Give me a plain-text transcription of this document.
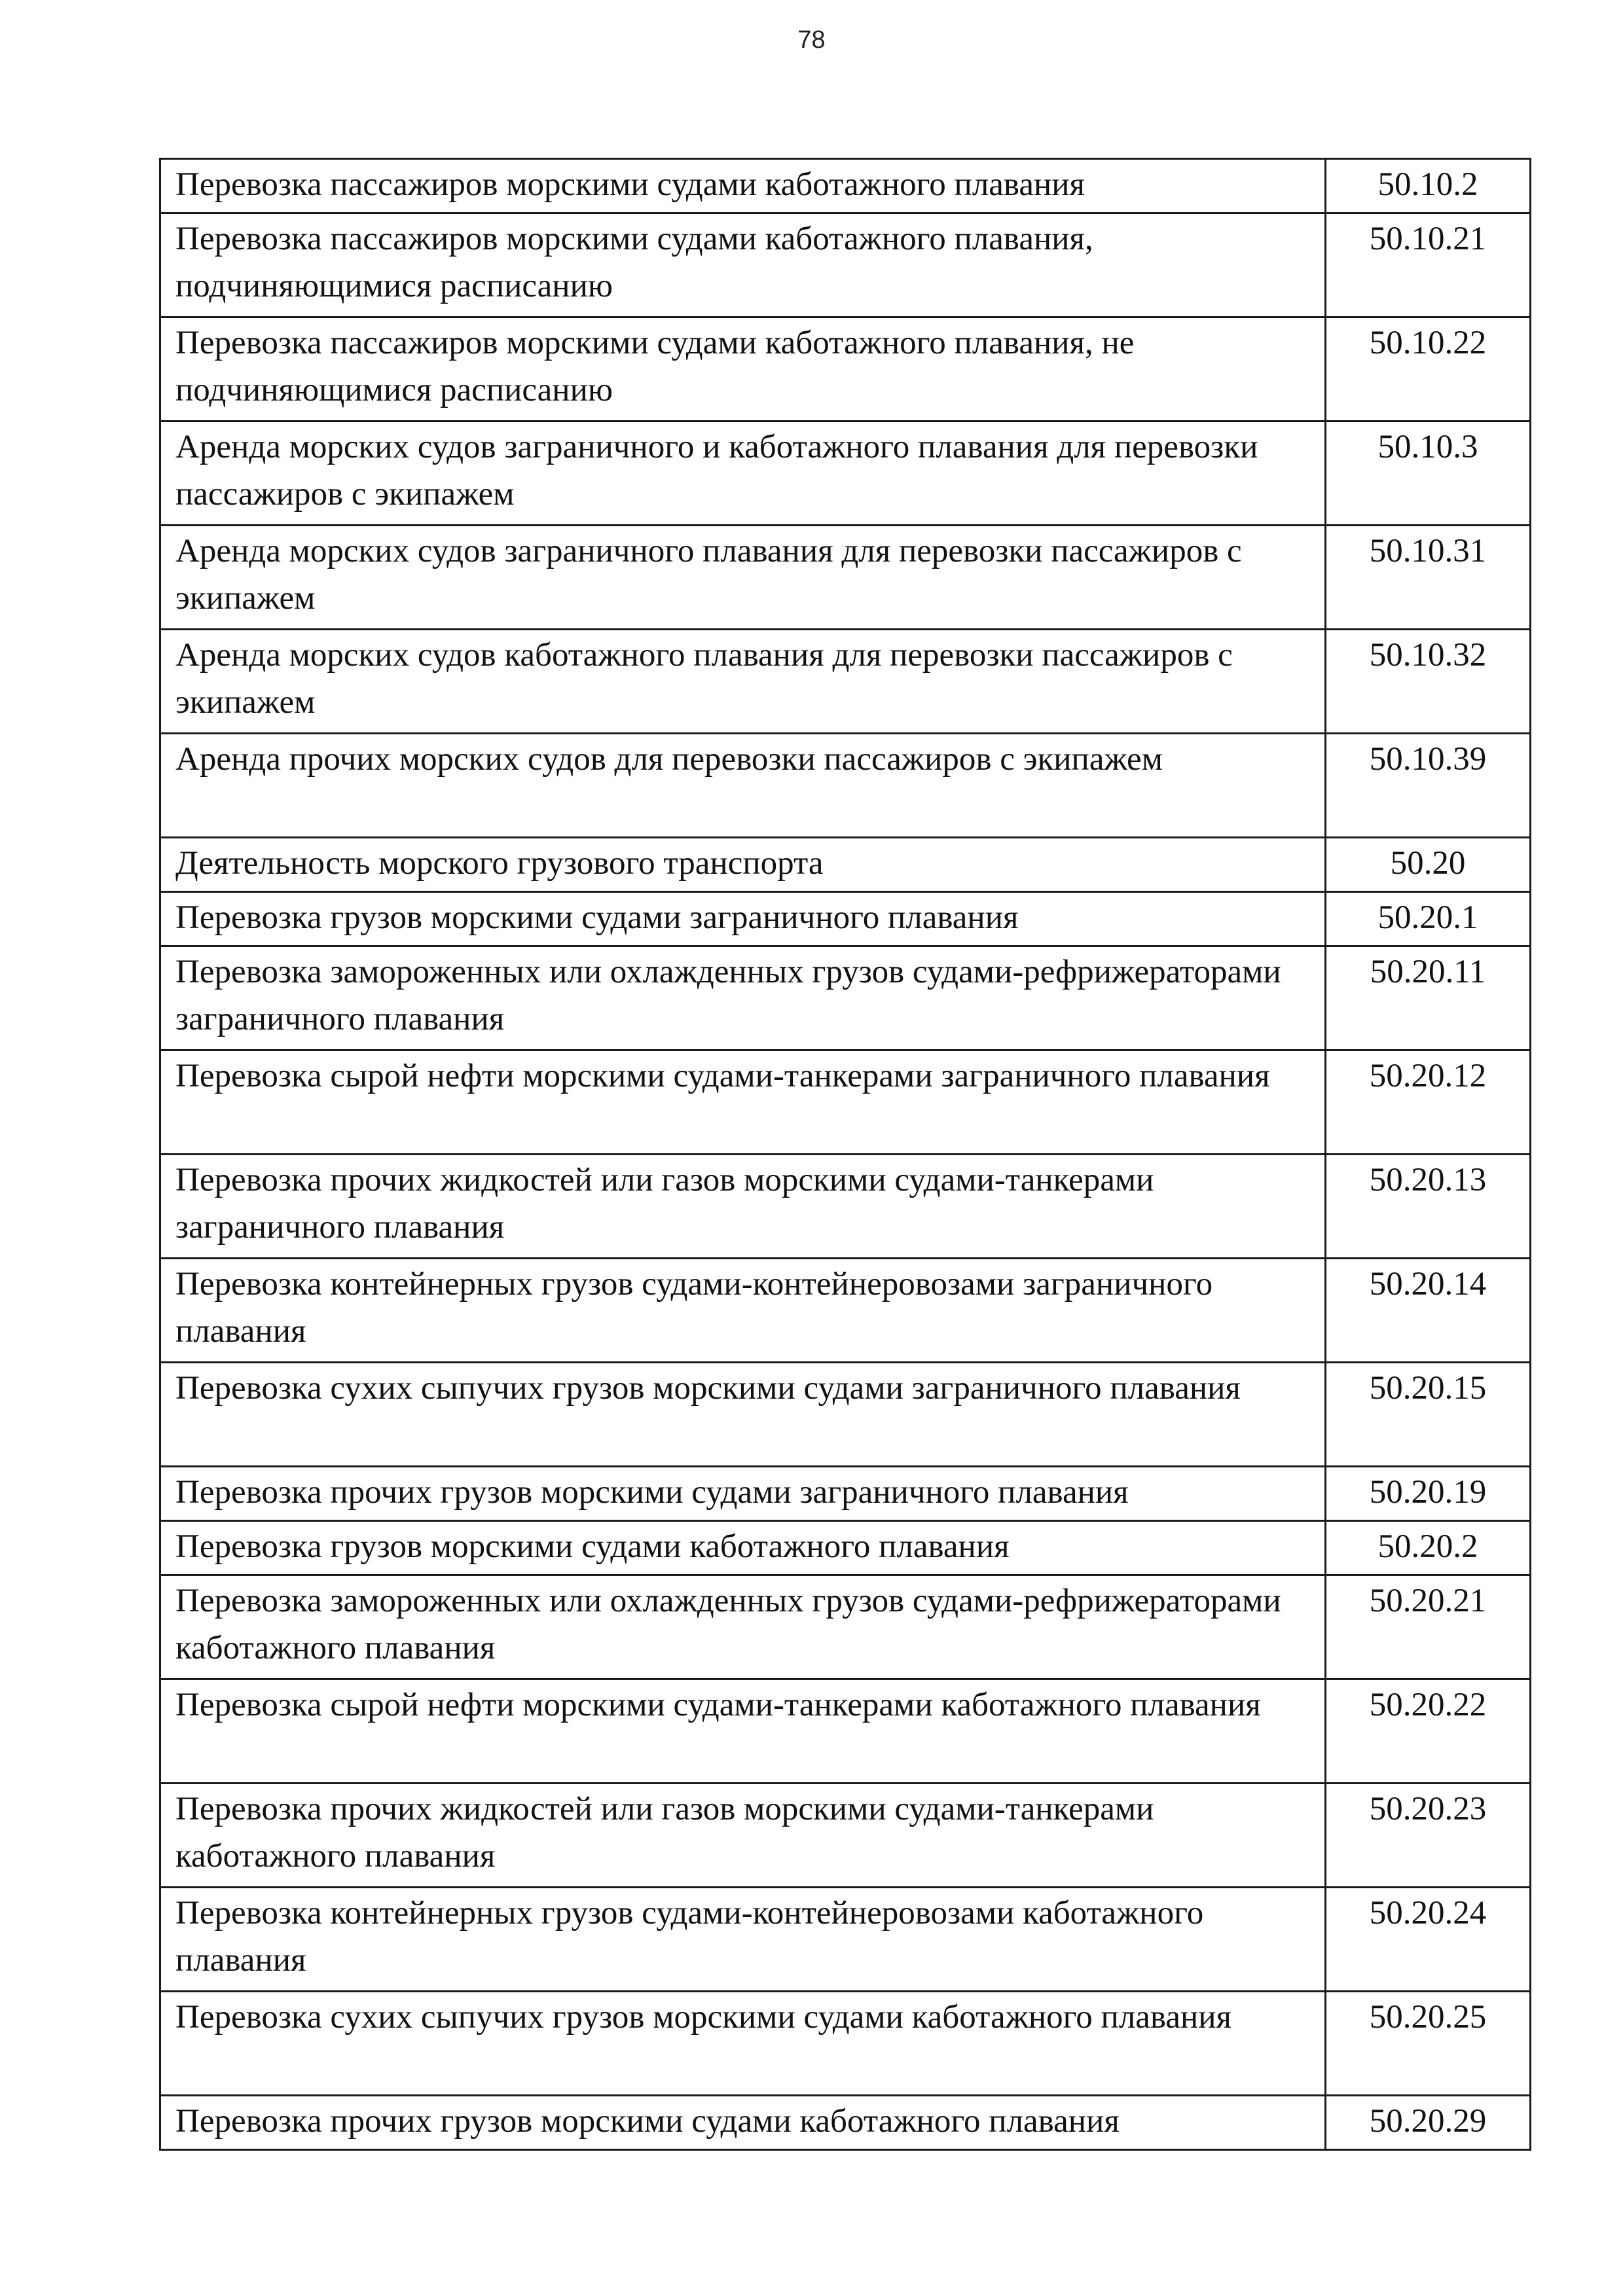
78
Перевозка пассажиров морскими судами каботажного плавания	50.10.2
Перевозка пассажиров морскими судами каботажного плавания, подчиняющимися расписанию	50.10.21
Перевозка пассажиров морскими судами каботажного плавания, не подчиняющимися расписанию	50.10.22
Аренда морских судов заграничного и каботажного плавания для перевозки пассажиров с экипажем	50.10.3
Аренда морских судов заграничного плавания для перевозки пассажиров с экипажем	50.10.31
Аренда морских судов каботажного плавания для перевозки пассажиров с экипажем	50.10.32
Аренда прочих морских судов для перевозки пассажиров с экипажем	50.10.39
Деятельность морского грузового транспорта	50.20
Перевозка грузов морскими судами заграничного плавания	50.20.1
Перевозка замороженных или охлажденных грузов судами-рефрижераторами заграничного плавания	50.20.11
Перевозка сырой нефти морскими судами-танкерами заграничного плавания	50.20.12
Перевозка прочих жидкостей или газов морскими судами-танкерами заграничного плавания	50.20.13
Перевозка контейнерных грузов судами-контейнеровозами заграничного плавания	50.20.14
Перевозка сухих сыпучих грузов морскими судами заграничного плавания	50.20.15
Перевозка прочих грузов морскими судами заграничного плавания	50.20.19
Перевозка грузов морскими судами каботажного плавания	50.20.2
Перевозка замороженных или охлажденных грузов судами-рефрижераторами каботажного плавания	50.20.21
Перевозка сырой нефти морскими судами-танкерами каботажного плавания	50.20.22
Перевозка прочих жидкостей или газов морскими судами-танкерами каботажного плавания	50.20.23
Перевозка контейнерных грузов судами-контейнеровозами каботажного плавания	50.20.24
Перевозка сухих сыпучих грузов морскими судами каботажного плавания	50.20.25
Перевозка прочих грузов морскими судами каботажного плавания	50.20.29
